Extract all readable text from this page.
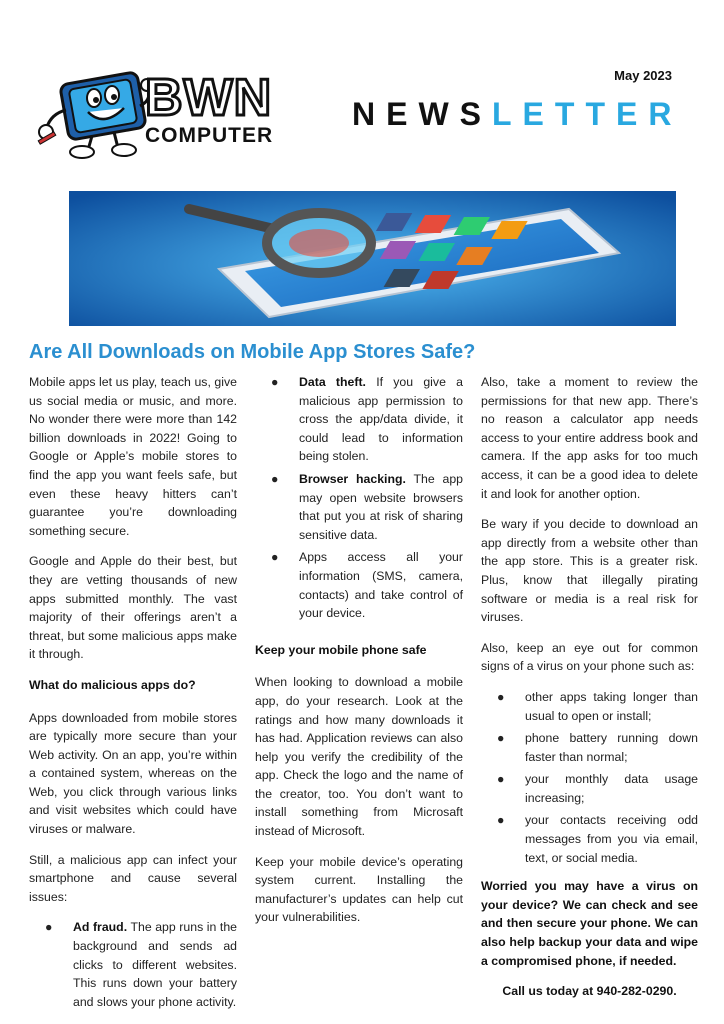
May 2023
BWN
COMPUTER
NEWSLETTER
Are All Downloads on Mobile App Stores Safe?

Mobile apps let us play, teach us, give us social media or music, and more. No wonder there were more than 142 billion downloads in 2022! Going to Google or Apple’s mobile stores to find the app you want feels safe, but even these heavy hitters can’t guarantee you’re downloading something secure.

Google and Apple do their best, but they are vetting thousands of new apps submitted monthly. The vast majority of their offerings aren’t a threat, but some malicious apps make it through.

What do malicious apps do?

Apps downloaded from mobile stores are typically more secure than your Web activity. On an app, you’re within a contained system, whereas on the Web, you click through various links and visit websites which could have viruses or malware.

Still, a malicious app can infect your smartphone and cause several issues:

● Ad fraud. The app runs in the background and sends ad clicks to different websites. This runs down your battery and slows your phone activity.
● Data theft. If you give a malicious app permission to cross the app/data divide, it could lead to information being stolen.
● Browser hacking. The app may open website browsers that put you at risk of sharing sensitive data.
● Apps access all your information (SMS, camera, contacts) and take control of your device.
Keep your mobile phone safe

When looking to download a mobile app, do your research. Look at the ratings and how many downloads it has had. Application reviews can also help you verify the credibility of the app. Check the logo and the name of the creator, too. You don’t want to install something from Microsaft instead of Microsoft.

Keep your mobile device’s operating system current. Installing the manufacturer’s updates can help cut your vulnerabilities.

Also, take a moment to review the permissions for that new app. There’s no reason a calculator app needs access to your entire address book and camera. If the app asks for too much access, it can be a good idea to delete it and look for another option.

Be wary if you decide to download an app directly from a website other than the app store. This is a greater risk. Plus, know that illegally pirating software or media is a real risk for viruses.

Also, keep an eye out for common signs of a virus on your phone such as:

● other apps taking longer than usual to open or install;
● phone battery running down faster than normal;
● your monthly data usage increasing;
● your contacts receiving odd messages from you via email, text, or social media.

Worried you may have a virus on your device? We can check and see and then secure your phone. We can also help backup your data and wipe a compromised phone, if needed.

Call us today at 940-282-0290.
